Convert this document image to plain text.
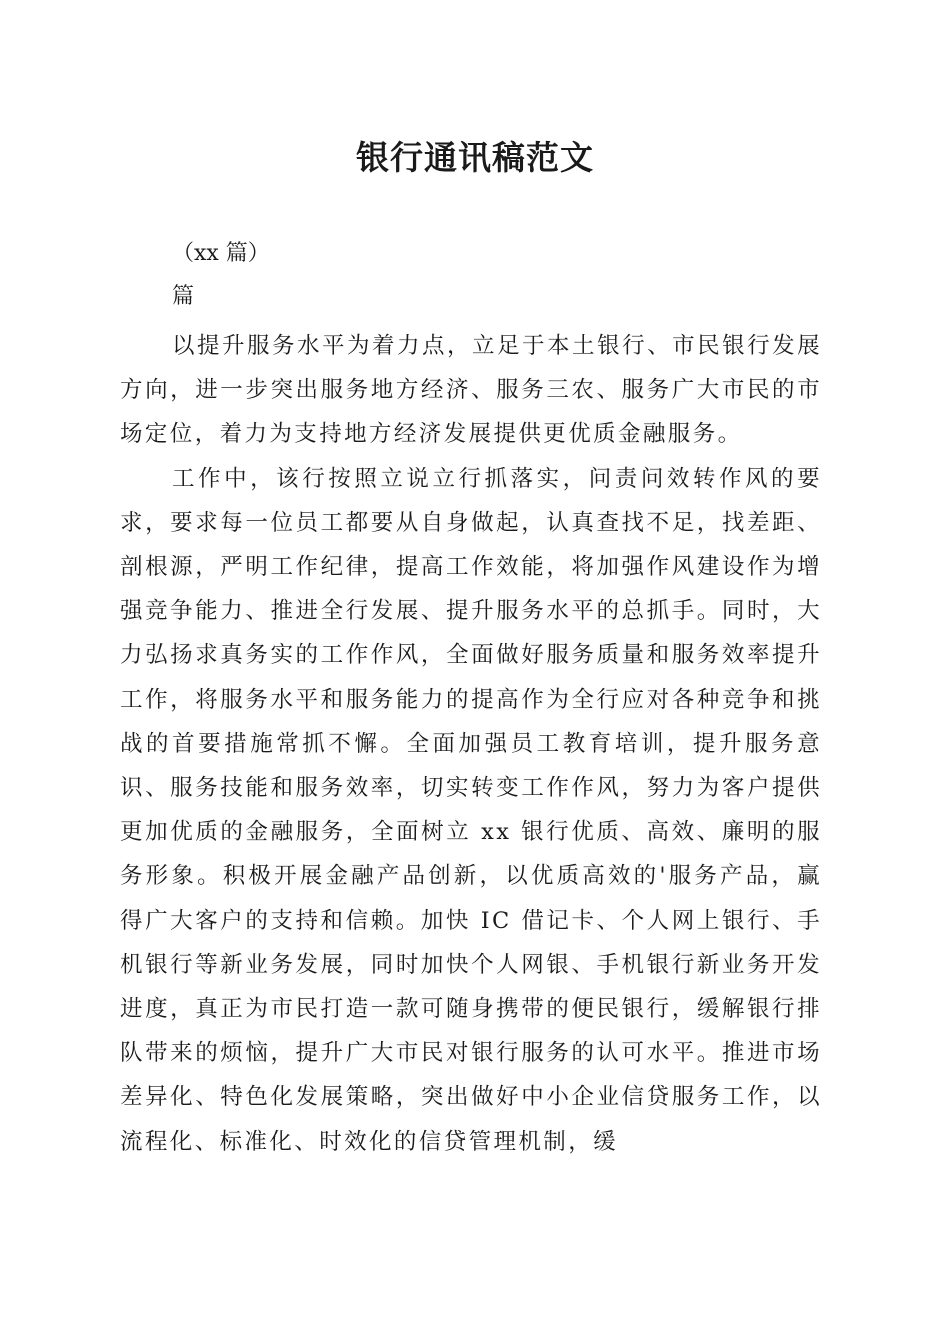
银行通讯稿范文
（xx 篇）
篇

以提升服务水平为着力点，立足于本土银行、市民银行发展方向，进一步突出服务地方经济、服务三农、服务广大市民的市场定位，着力为支持地方经济发展提供更优质金融服务。

工作中，该行按照立说立行抓落实，问责问效转作风的要求，要求每一位员工都要从自身做起，认真查找不足，找差距、剖根源，严明工作纪律，提高工作效能，将加强作风建设作为增强竞争能力、推进全行发展、提升服务水平的总抓手。同时，大力弘扬求真务实的工作作风，全面做好服务质量和服务效率提升工作，将服务水平和服务能力的提高作为全行应对各种竞争和挑战的首要措施常抓不懈。全面加强员工教育培训，提升服务意识、服务技能和服务效率，切实转变工作作风，努力为客户提供更加优质的金融服务，全面树立 xx 银行优质、高效、廉明的服务形象。积极开展金融产品创新，以优质高效的'服务产品，赢得广大客户的支持和信赖。加快 IC 借记卡、个人网上银行、手机银行等新业务发展，同时加快个人网银、手机银行新业务开发进度，真正为市民打造一款可随身携带的便民银行，缓解银行排队带来的烦恼，提升广大市民对银行服务的认可水平。推进市场差异化、特色化发展策略，突出做好中小企业信贷服务工作，以流程化、标准化、时效化的信贷管理机制，缓
